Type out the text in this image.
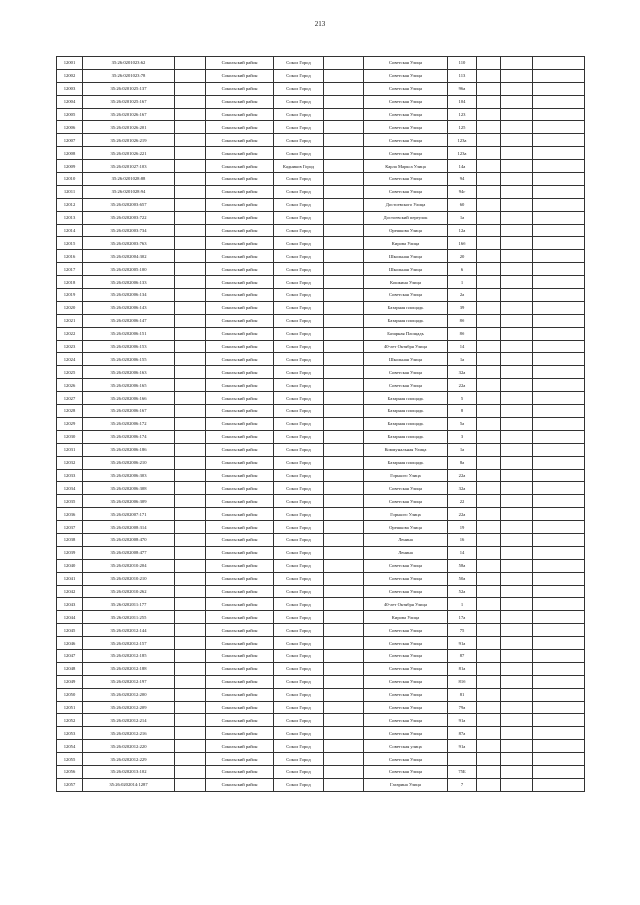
213
12001	35:26:0201023:62		Сокольский район	Сокол Город		Советская Улица	110			
12002	35:26:0201023:78		Сокольский район	Сокол Город		Советская Улица	113			
12003	35:26:0201025:137		Сокольский район	Сокол Город		Советская Улица	96а			
12004	35:26:0201025:167		Сокольский район	Сокол Город		Советская Улица	104			
12005	35:26:0201026:167		Сокольский район	Сокол Город		Советская Улица	123			
12006	35:26:0201026:201		Сокольский район	Сокол Город		Советская Улица	125			
12007	35:26:0201026:219		Сокольский район	Сокол Город		Советская Улица	123а			
12008	35:26:0201026:221		Сокольский район	Сокол Город		Советская Улица	123а			
12009	35:26:0201027:103		Сокольский район	Кадников Город		Карла Маркса Улица	14а			
12010	35:26:0201028:88		Сокольский район	Сокол Город		Советская Улица	94			
12011	35:26:0201028:94		Сокольский район	Сокол Город		Советская Улица	94г			
12012	35:26:0202003:657		Сокольский район	Сокол Город		Достоевского Улица	60			
12013	35:26:0202003:722		Сокольский район	Сокол Город		Достоевский переулок	1а			
12014	35:26:0202003:734		Сокольский район	Сокол Город		Орешкова Улица	12а			
12015	35:26:0202003:763		Сокольский район	Сокол Город		Кирова Улица	16б			
12016	35:26:0202004:302		Сокольский район	Сокол Город		Школьная Улица	20			
12017	35:26:0202005:100		Сокольский район	Сокол Город		Школьная Улица	6			
12018	35:26:0202006:133		Сокольский район	Сокол Город		Кошкина Улица	1			
12019	35:26:0202006:134		Сокольский район	Сокол Город		Советская Улица	2а			
12020	35:26:0202006:143		Сокольский район	Сокол Город		Базарная площадь	39			
12021	35:26:0202006:147		Сокольский район	Сокол Город		Базарная площадь	8б			
12022	35:26:0202006:151		Сокольский район	Сокол Город		Базарная Площадь	8б			
12023	35:26:0202006:153		Сокольский район	Сокол Город		40-лет Октября Улица	14			
12024	35:26:0202006:155		Сокольский район	Сокол Город		Школьная Улица	1а			
12025	35:26:0202006:163		Сокольский район	Сокол Город		Советская Улица	32а			
12026	35:26:0202006:165		Сокольский район	Сокол Город		Советская Улица	22а			
12027	35:26:0202006:166		Сокольский район	Сокол Город		Базарная площадь	5			
12028	35:26:0202006:167		Сокольский район	Сокол Город		Базарная площадь	8			
12029	35:26:0202006:172		Сокольский район	Сокол Город		Базарная площадь	5а			
12030	35:26:0202006:174		Сокольский район	Сокол Город		Базарная площадь	3			
12031	35:26:0202006:186		Сокольский район	Сокол Город		Коммунальная Улица	1а			
12032	35:26:0202006:210		Сокольский район	Сокол Город		Базарная площадь	8а			
12033	35:26:0202006:303		Сокольский район	Сокол Город		Горького Улица	22а			
12034	35:26:0202006:308		Сокольский район	Сокол Город		Советская Улица	32а			
12035	35:26:0202006:309		Сокольский район	Сокол Город		Советская Улица	22			
12036	35:26:0202007:171		Сокольский район	Сокол Город		Горького Улица	22а			
12037	35:26:0202008:314		Сокольский район	Сокол Город		Орешкова Улица	19			
12038	35:26:0202008:470		Сокольский район	Сокол Город		Ленина	16			
12039	35:26:0202008:477		Сокольский район	Сокол Город		Ленина	14			
12040	35:26:0202010:204		Сокольский район	Сокол Город		Советская Улица	58а			
12041	35:26:0202010:210		Сокольский район	Сокол Город		Советская Улица	50а			
12042	35:26:0202010:262		Сокольский район	Сокол Город		Советская Улица	52а			
12043	35:26:0202011:177		Сокольский район	Сокол Город		40-лет Октября Улица	1			
12044	35:26:0202011:255		Сокольский район	Сокол Город		Кирова Улица	17а			
12045	35:26:0202012:144		Сокольский район	Сокол Город		Советская Улица	75			
12046	35:26:0202012:157		Сокольский район	Сокол Город		Советская Улица	91а			
12047	35:26:0202012:185		Сокольский район	Сокол Город		Советская Улица	87			
12048	35:26:0202012:188		Сокольский район	Сокол Город		Советская Улица	81а			
12049	35:26:0202012:197		Сокольский район	Сокол Город		Советская Улица	81б			
12050	35:26:0202012:200		Сокольский район	Сокол Город		Советская Улица	81			
12051	35:26:0202012:209		Сокольский район	Сокол Город		Советская Улица	79а			
12052	35:26:0202012:214		Сокольский район	Сокол Город		Советская Улица	91а			
12053	35:26:0202012:216		Сокольский район	Сокол Город		Советская Улица	87а			
12054	35:26:0202012:220		Сокольский район	Сокол Город		Советская улица	91а			
12055	35:26:0202012:229		Сокольский район	Сокол Город		Советская Улица				
12056	35:26:0202013:102		Сокольский район	Сокол Город		Советская Улица	75Б			
12057	35:26:0202014:1287		Сокольский район	Сокол Город		Гагарина Улица	7			
